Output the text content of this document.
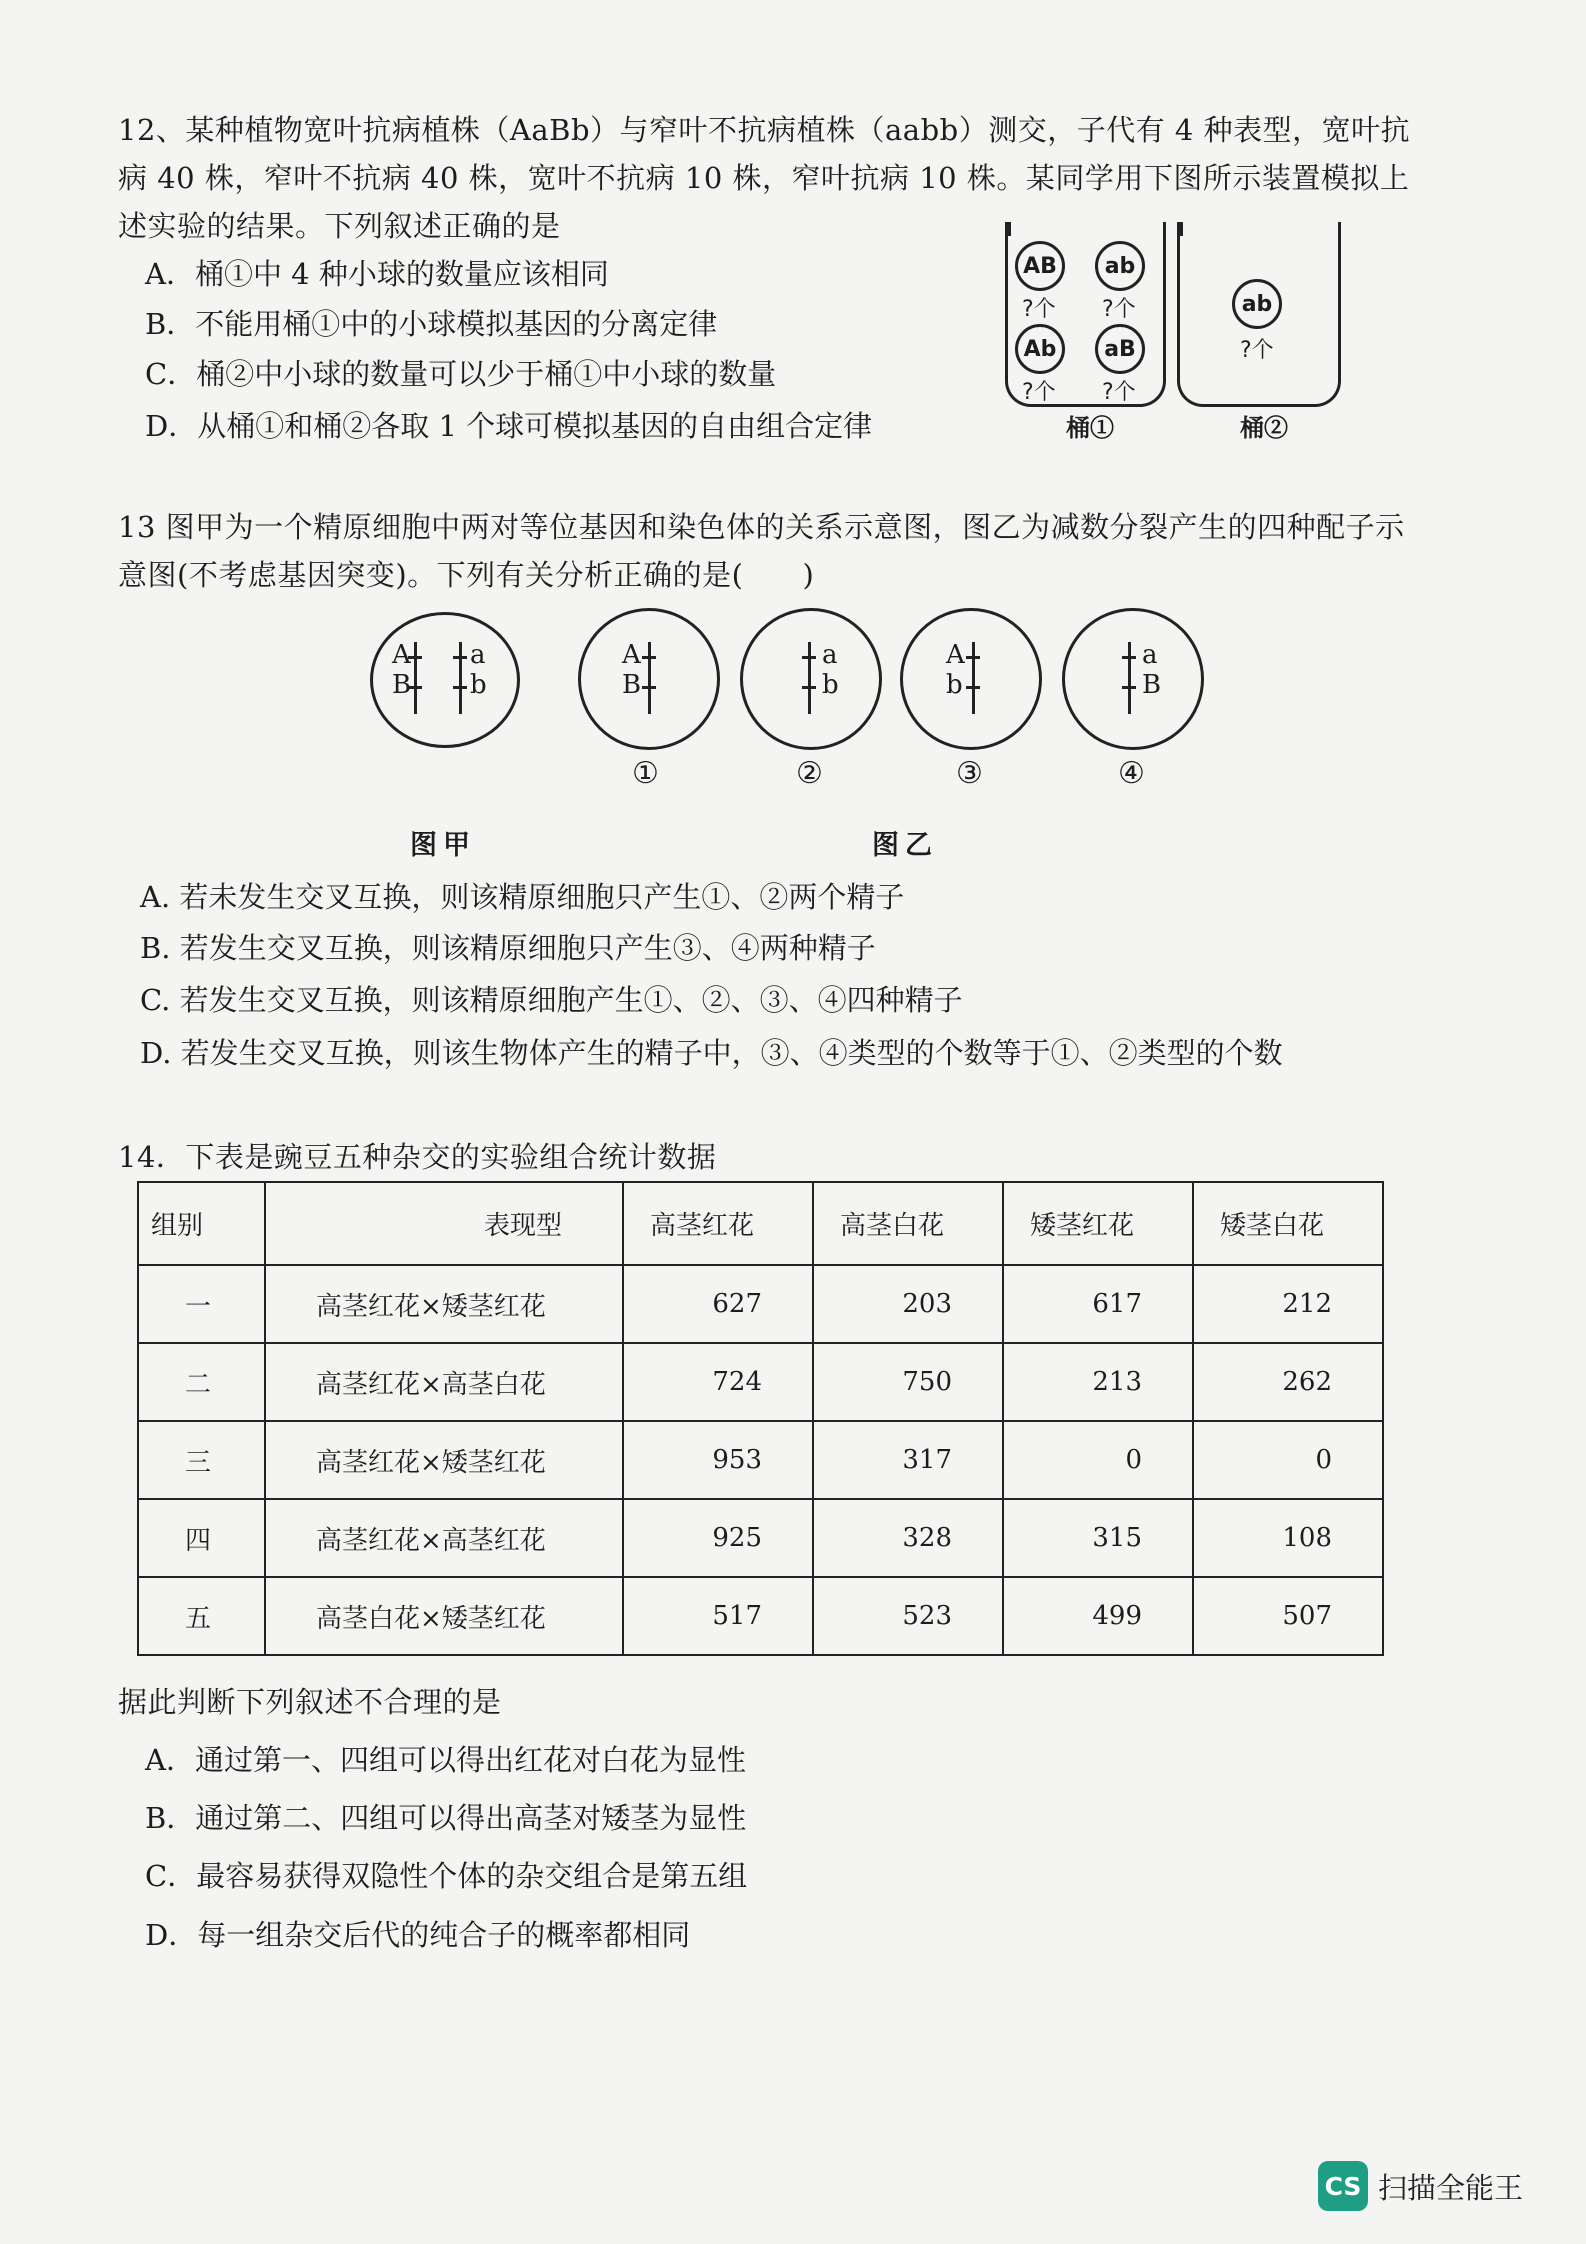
12、某种植物宽叶抗病植株（AaBb）与窄叶不抗病植株（aabb）测交，子代有 4 种表型，宽叶抗
病 40 株，窄叶不抗病 40 株，宽叶不抗病 10 株，窄叶抗病 10 株。某同学用下图所示装置模拟上
述实验的结果。下列叙述正确的是
A．桶①中 4 种小球的数量应该相同
B．不能用桶①中的小球模拟基因的分离定律
C．桶②中小球的数量可以少于桶①中小球的数量
D．从桶①和桶②各取 1 个球可模拟基因的自由组合定律
AB
?个
ab
?个
Ab
?个
aB
?个
桶①
ab
?个
桶②
13 图甲为一个精原细胞中两对等位基因和染色体的关系示意图，图乙为减数分裂产生的四种配子示
意图(不考虑基因突变)。下列有关分析正确的是(　　)
A
B
a
b
图甲
A
B
①
a
b
②
A
b
③
a
B
④
图乙
A. 若未发生交叉互换，则该精原细胞只产生①、②两个精子
B. 若发生交叉互换，则该精原细胞只产生③、④两种精子
C. 若发生交叉互换，则该精原细胞产生①、②、③、④四种精子
D. 若发生交叉互换，则该生物体产生的精子中，③、④类型的个数等于①、②类型的个数
14．下表是豌豆五种杂交的实验组合统计数据
组别	表现型	高茎红花	高茎白花	矮茎红花	矮茎白花
一	高茎红花×矮茎红花	627	203	617	212
二	高茎红花×高茎白花	724	750	213	262
三	高茎红花×矮茎红花	953	317	0	0
四	高茎红花×高茎红花	925	328	315	108
五	高茎白花×矮茎红花	517	523	499	507
据此判断下列叙述不合理的是
A．通过第一、四组可以得出红花对白花为显性
B．通过第二、四组可以得出高茎对矮茎为显性
C．最容易获得双隐性个体的杂交组合是第五组
D．每一组杂交后代的纯合子的概率都相同
CS 扫描全能王
